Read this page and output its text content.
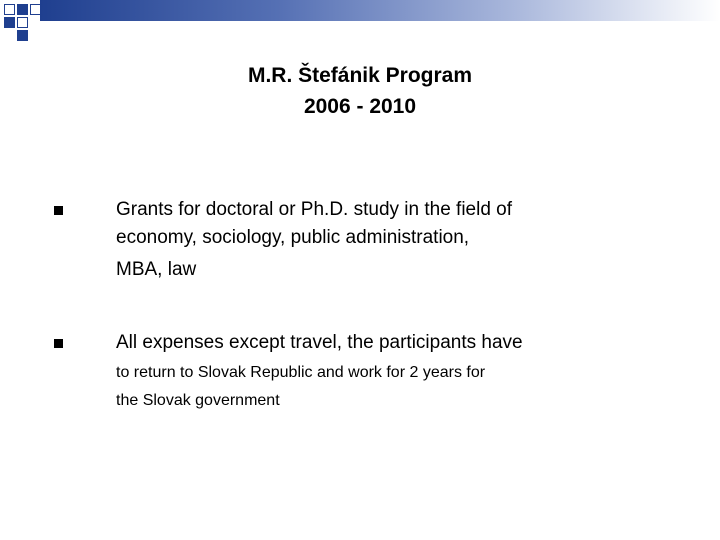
M.R. Štefánik Program
2006 - 2010
Grants for doctoral or Ph.D. study in the field of
economy, sociology, public administration,
MBA, law
All expenses except travel, the participants have
to return to Slovak Republic and work for 2 years for
the Slovak government
